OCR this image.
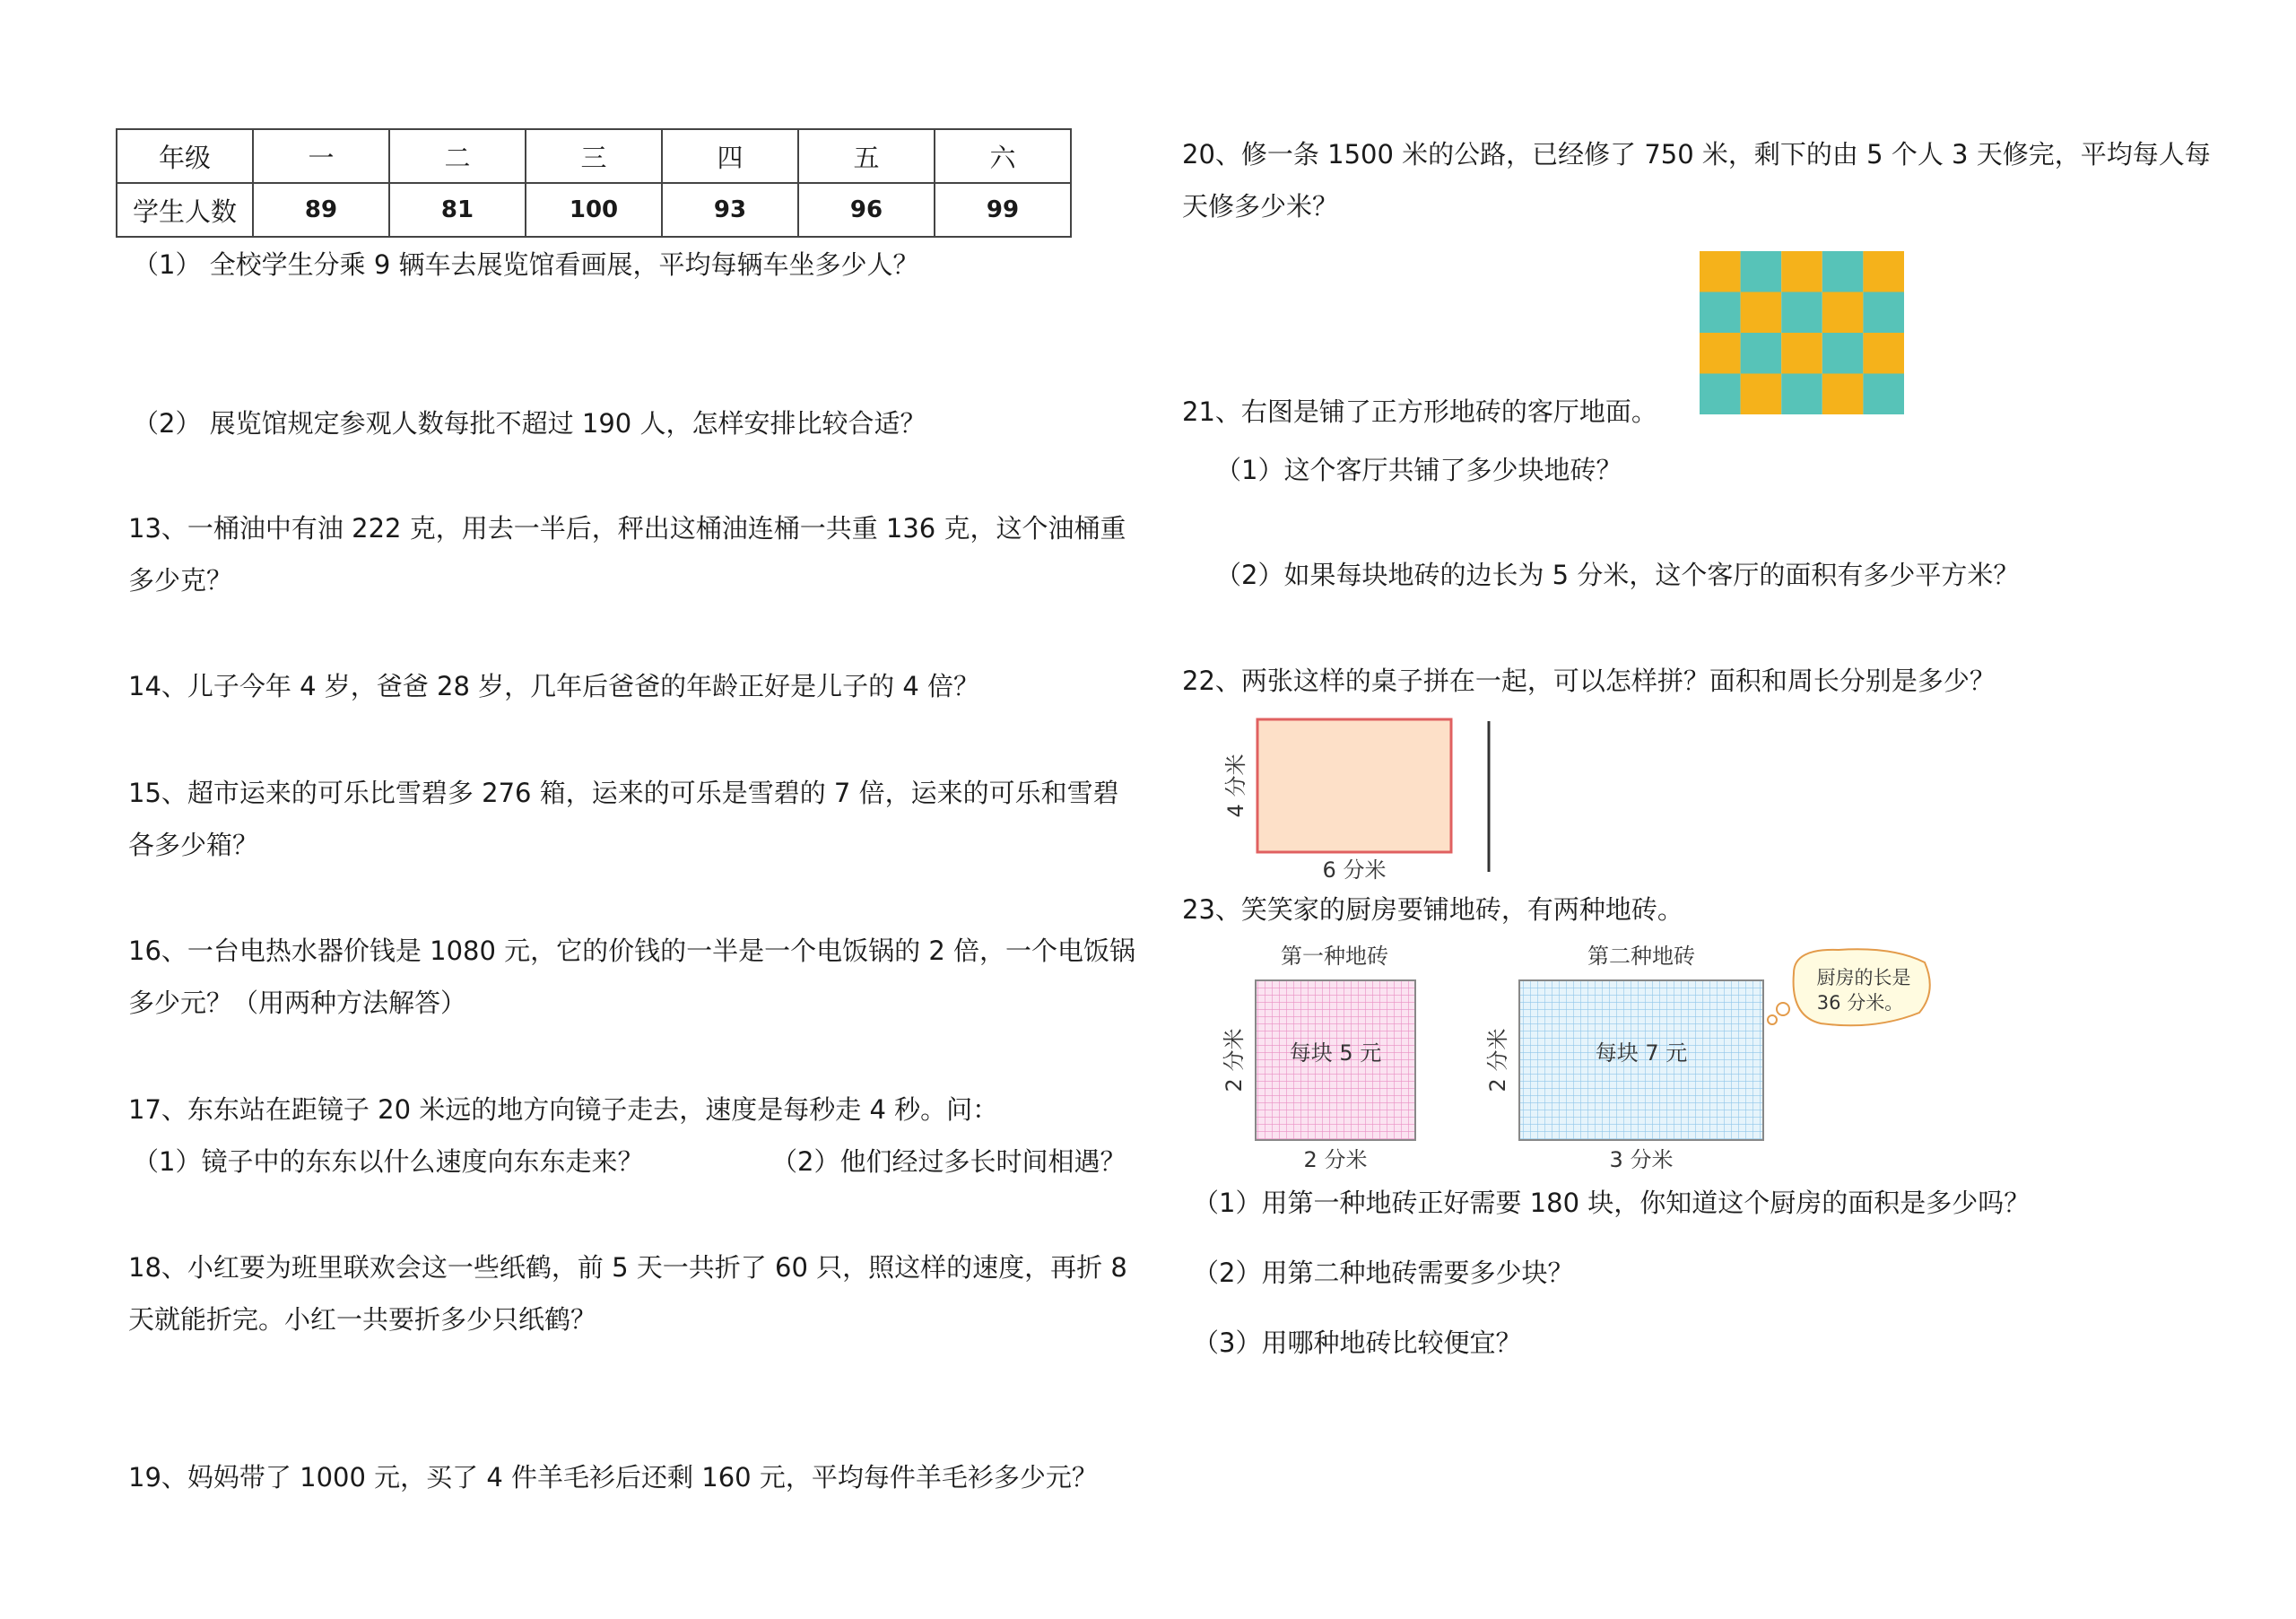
年级	一	二	三	四	五	六
学生人数	89	81	100	93	96	99
（1） 全校学生分乘 9 辆车去展览馆看画展，平均每辆车坐多少人？
（2） 展览馆规定参观人数每批不超过 190 人，怎样安排比较合适？
13、一桶油中有油 222 克，用去一半后，秤出这桶油连桶一共重 136 克，这个油桶重
多少克？
14、儿子今年 4 岁，爸爸 28 岁，几年后爸爸的年龄正好是儿子的 4 倍？
15、超市运来的可乐比雪碧多 276 箱，运来的可乐是雪碧的 7 倍，运来的可乐和雪碧
各多少箱？
16、一台电热水器价钱是 1080 元，它的价钱的一半是一个电饭锅的 2 倍，一个电饭锅
多少元？（用两种方法解答）
17、东东站在距镜子 20 米远的地方向镜子走去，速度是每秒走 4 秒。问：
（1）镜子中的东东以什么速度向东东走来？	（2）他们经过多长时间相遇？
18、小红要为班里联欢会这一些纸鹤，前 5 天一共折了 60 只，照这样的速度，再折 8
天就能折完。小红一共要折多少只纸鹤？
19、妈妈带了 1000 元，买了 4 件羊毛衫后还剩 160 元，平均每件羊毛衫多少元？
20、修一条 1500 米的公路，已经修了 750 米，剩下的由 5 个人 3 天修完，平均每人每
天修多少米？
21、右图是铺了正方形地砖的客厅地面。
（1）这个客厅共铺了多少块地砖？
（2）如果每块地砖的边长为 5 分米，这个客厅的面积有多少平方米？
22、两张这样的桌子拼在一起，可以怎样拼？面积和周长分别是多少？
6 分米
4 分米
23、笑笑家的厨房要铺地砖，有两种地砖。
第一种地砖
每块 5 元
2 分米
2 分米
第二种地砖
每块 7 元
2 分米
3 分米
厨房的长是
36 分米。
（1）用第一种地砖正好需要 180 块，你知道这个厨房的面积是多少吗？
（2）用第二种地砖需要多少块？
（3）用哪种地砖比较便宜？
